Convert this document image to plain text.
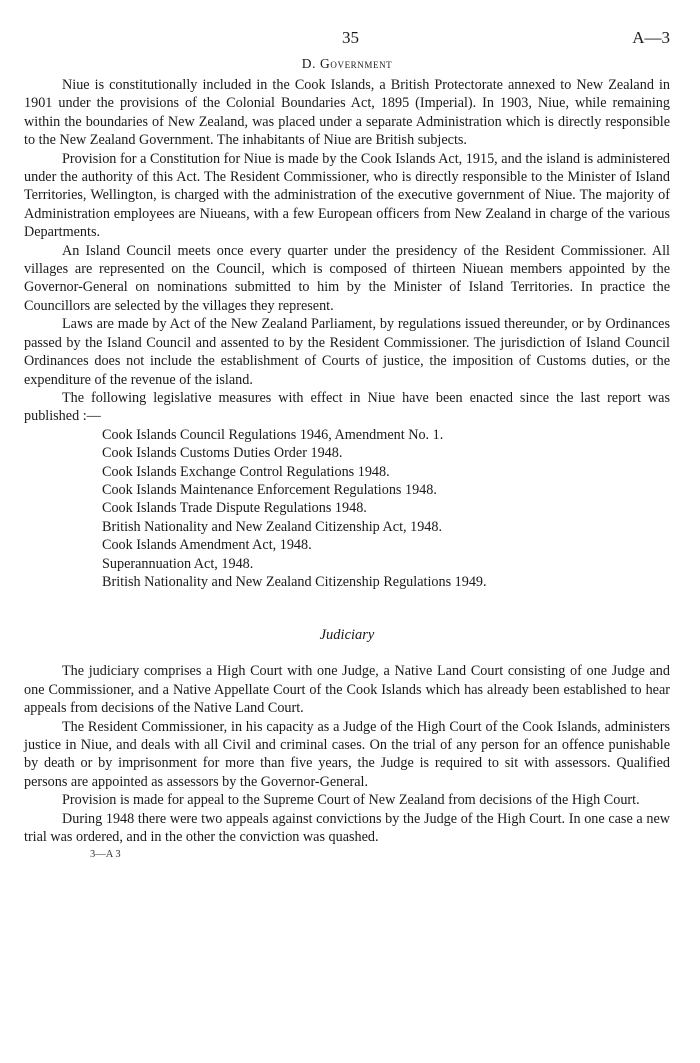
35	A—3
D. Government

Niue is constitutionally included in the Cook Islands, a British Protectorate annexed to New Zealand in 1901 under the provisions of the Colonial Boundaries Act, 1895 (Imperial). In 1903, Niue, while remaining within the boundaries of New Zealand, was placed under a separate Administration which is directly responsible to the New Zealand Government. The inhabitants of Niue are British subjects.

Provision for a Constitution for Niue is made by the Cook Islands Act, 1915, and the island is administered under the authority of this Act. The Resident Commissioner, who is directly responsible to the Minister of Island Territories, Wellington, is charged with the administration of the executive government of Niue. The majority of Administration employees are Niueans, with a few European officers from New Zealand in charge of the various Departments.

An Island Council meets once every quarter under the presidency of the Resident Commissioner. All villages are represented on the Council, which is composed of thirteen Niuean members appointed by the Governor-General on nominations submitted to him by the Minister of Island Territories. In practice the Councillors are selected by the villages they represent.

Laws are made by Act of the New Zealand Parliament, by regulations issued thereunder, or by Ordinances passed by the Island Council and assented to by the Resident Commissioner. The jurisdiction of Island Council Ordinances does not include the establishment of Courts of justice, the imposition of Customs duties, or the expenditure of the revenue of the island.

The following legislative measures with effect in Niue have been enacted since the last report was published :—

Cook Islands Council Regulations 1946, Amendment No. 1.
Cook Islands Customs Duties Order 1948.
Cook Islands Exchange Control Regulations 1948.
Cook Islands Maintenance Enforcement Regulations 1948.
Cook Islands Trade Dispute Regulations 1948.
British Nationality and New Zealand Citizenship Act, 1948.
Cook Islands Amendment Act, 1948.
Superannuation Act, 1948.
British Nationality and New Zealand Citizenship Regulations 1949.
Judiciary

The judiciary comprises a High Court with one Judge, a Native Land Court consisting of one Judge and one Commissioner, and a Native Appellate Court of the Cook Islands which has already been established to hear appeals from decisions of the Native Land Court.

The Resident Commissioner, in his capacity as a Judge of the High Court of the Cook Islands, administers justice in Niue, and deals with all Civil and criminal cases. On the trial of any person for an offence punishable by death or by imprisonment for more than five years, the Judge is required to sit with assessors. Qualified persons are appointed as assessors by the Governor-General.

Provision is made for appeal to the Supreme Court of New Zealand from decisions of the High Court.

During 1948 there were two appeals against convictions by the Judge of the High Court. In one case a new trial was ordered, and in the other the conviction was quashed.

3—A 3
